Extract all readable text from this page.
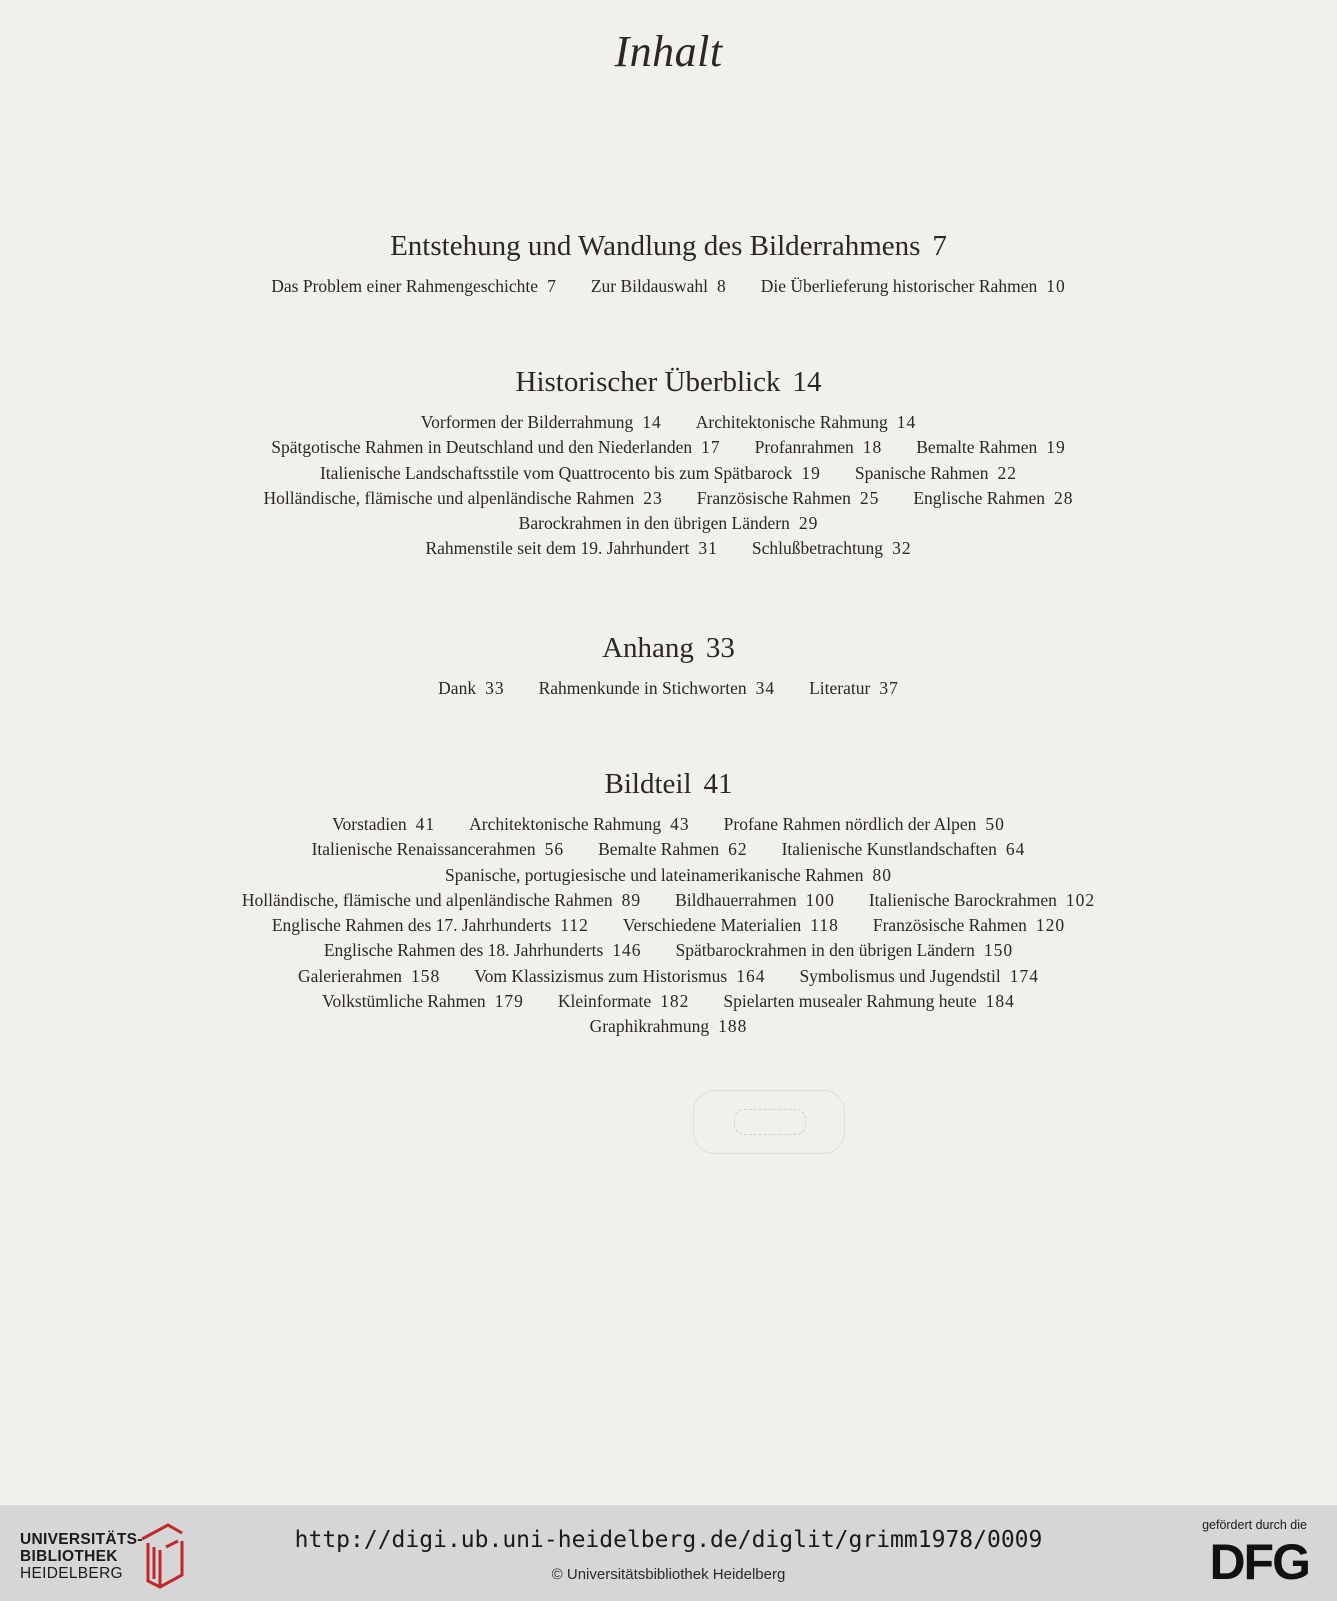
Inhalt
Entstehung und Wandlung des Bilderrahmens 7
Das Problem einer Rahmengeschichte 7 Zur Bildauswahl 8 Die Überlieferung historischer Rahmen 10
Historischer Überblick 14
Vorformen der Bilderrahmung 14 Architektonische Rahmung 14
Spätgotische Rahmen in Deutschland und den Niederlanden 17 Profanrahmen 18 Bemalte Rahmen 19
Italienische Landschaftsstile vom Quattrocento bis zum Spätbarock 19 Spanische Rahmen 22
Holländische, flämische und alpenländische Rahmen 23 Französische Rahmen 25 Englische Rahmen 28
Barockrahmen in den übrigen Ländern 29
Rahmenstile seit dem 19. Jahrhundert 31 Schlußbetrachtung 32
Anhang 33
Dank 33 Rahmenkunde in Stichworten 34 Literatur 37
Bildteil 41
Vorstadien 41 Architektonische Rahmung 43 Profane Rahmen nördlich der Alpen 50
Italienische Renaissancerahmen 56 Bemalte Rahmen 62 Italienische Kunstlandschaften 64
Spanische, portugiesische und lateinamerikanische Rahmen 80
Holländische, flämische und alpenländische Rahmen 89 Bildhauerrahmen 100 Italienische Barockrahmen 102
Englische Rahmen des 17. Jahrhunderts 112 Verschiedene Materialien 118 Französische Rahmen 120
Englische Rahmen des 18. Jahrhunderts 146 Spätbarockrahmen in den übrigen Ländern 150
Galerierahmen 158 Vom Klassizismus zum Historismus 164 Symbolismus und Jugendstil 174
Volkstümliche Rahmen 179 Kleinformate 182 Spielarten musealer Rahmung heute 184
Graphikrahmung 188
UNIVERSITÄTS-
BIBLIOTHEK
HEIDELBERG
http://digi.ub.uni-heidelberg.de/diglit/grimm1978/0009
© Universitätsbibliothek Heidelberg
gefördert durch die
DFG
